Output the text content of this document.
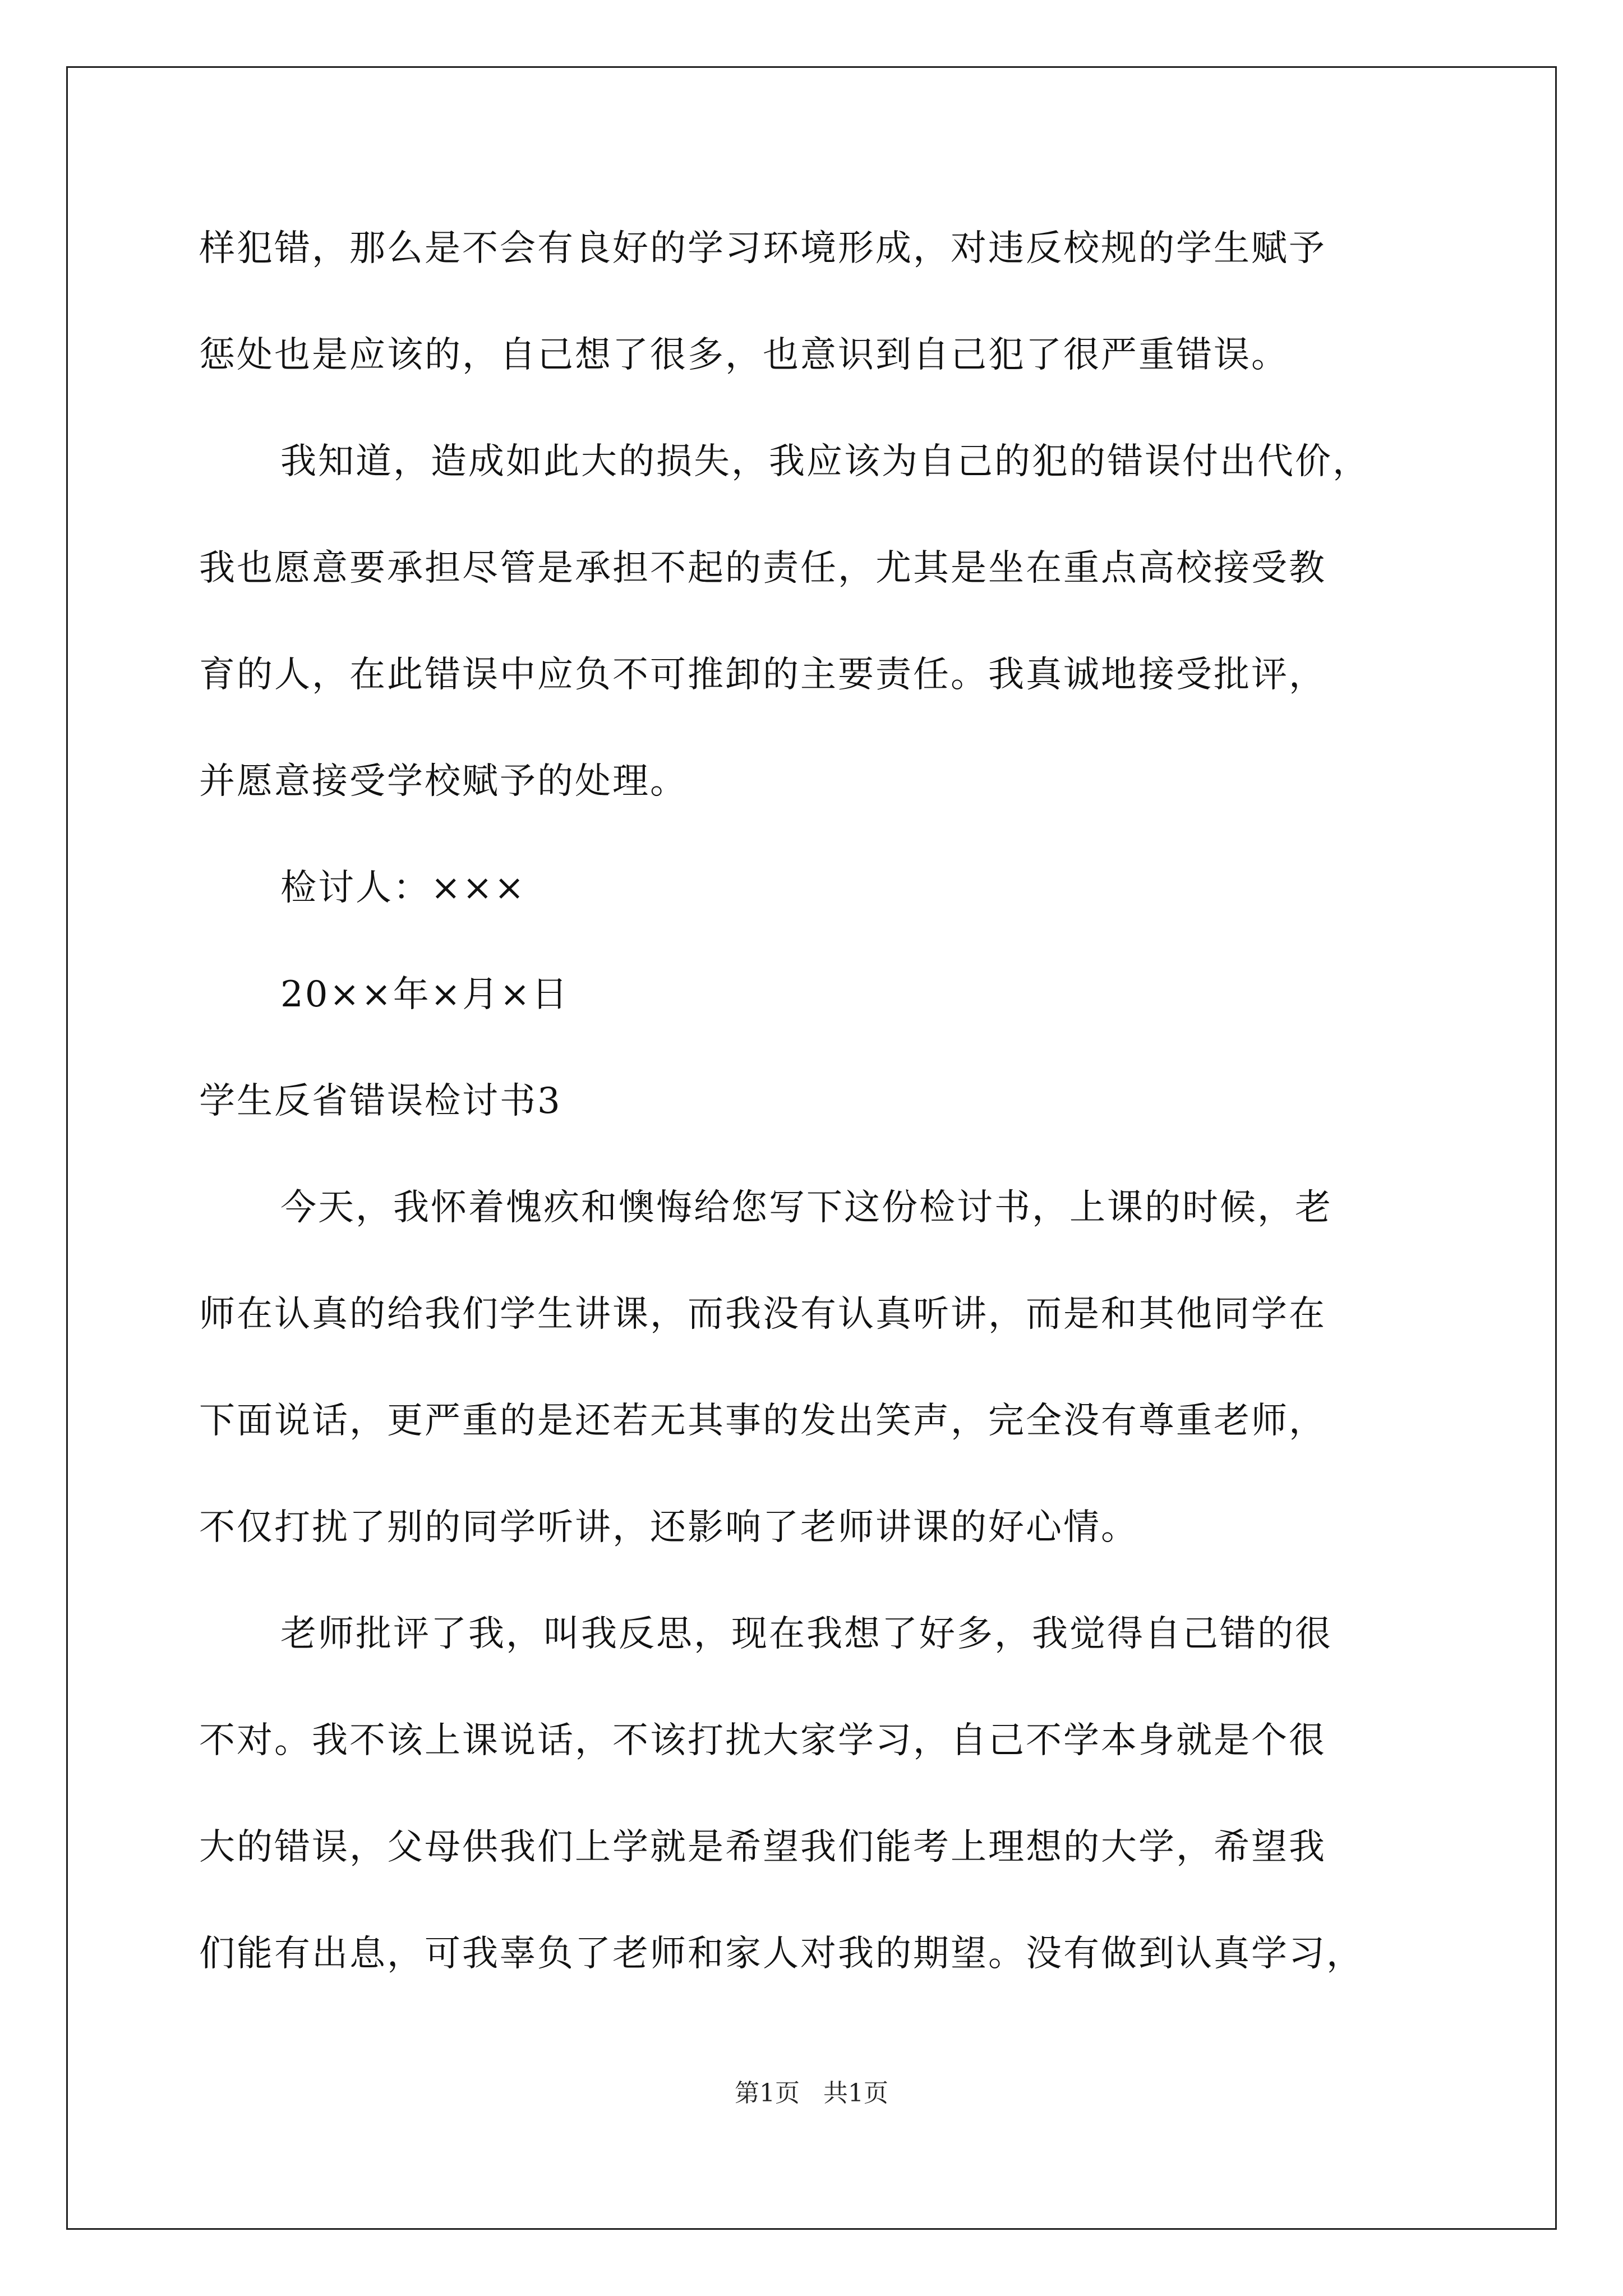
样犯错，那么是不会有良好的学习环境形成，对违反校规的学生赋予
惩处也是应该的，自己想了很多，也意识到自己犯了很严重错误。
我知道，造成如此大的损失，我应该为自己的犯的错误付出代价，
我也愿意要承担尽管是承担不起的责任，尤其是坐在重点高校接受教
育的人，在此错误中应负不可推卸的主要责任。我真诚地接受批评，
并愿意接受学校赋予的处理。
检讨人：×××
20××年×月×日
学生反省错误检讨书3
今天，我怀着愧疚和懊悔给您写下这份检讨书，上课的时候，老
师在认真的给我们学生讲课，而我没有认真听讲，而是和其他同学在
下面说话，更严重的是还若无其事的发出笑声，完全没有尊重老师，
不仅打扰了别的同学听讲，还影响了老师讲课的好心情。
老师批评了我，叫我反思，现在我想了好多，我觉得自己错的很
不对。我不该上课说话，不该打扰大家学习，自己不学本身就是个很
大的错误，父母供我们上学就是希望我们能考上理想的大学，希望我
们能有出息，可我辜负了老师和家人对我的期望。没有做到认真学习，
第1页   共1页
